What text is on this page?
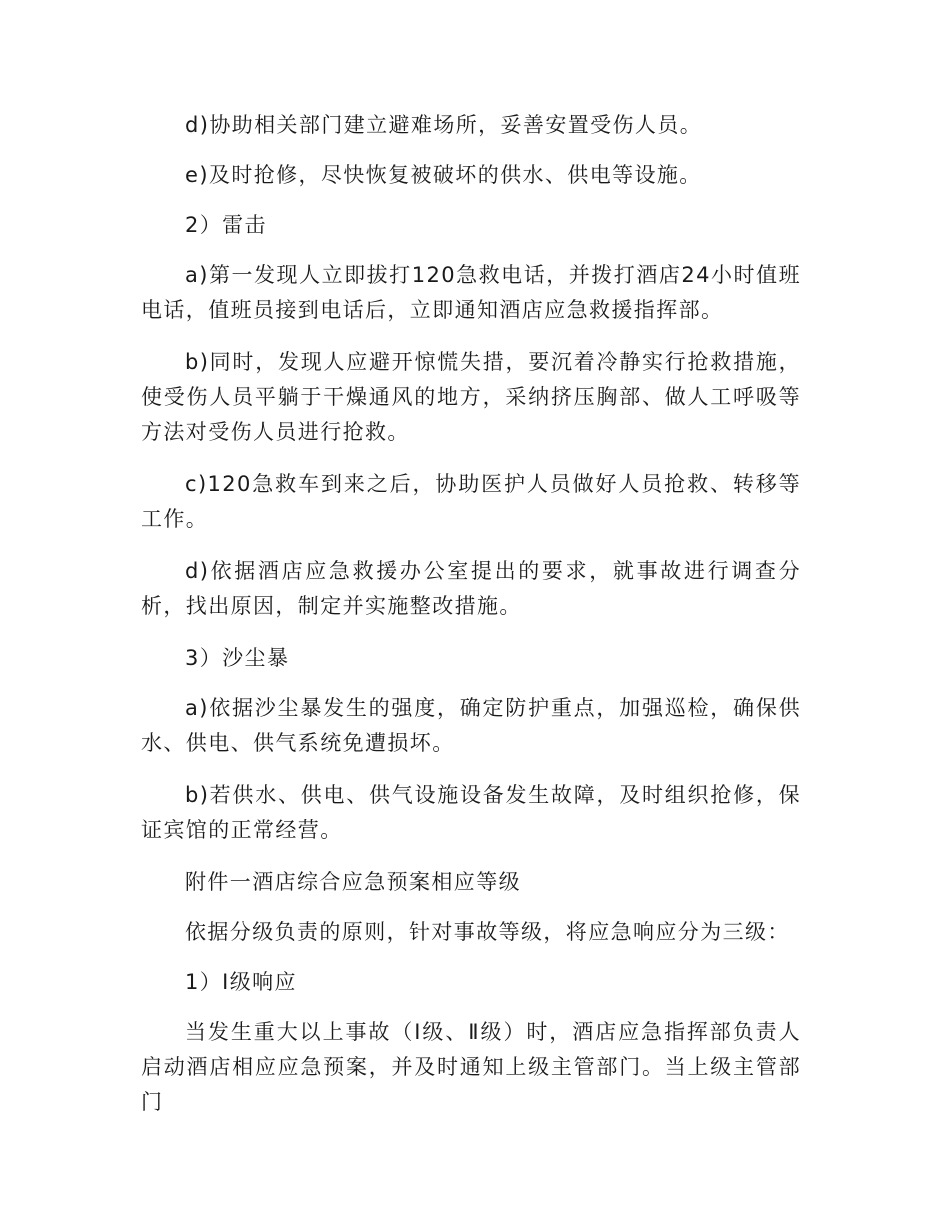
d)协助相关部门建立避难场所，妥善安置受伤人员。

e)及时抢修，尽快恢复被破坏的供水、供电等设施。

2）雷击

a)第一发现人立即拔打120急救电话，并拨打酒店24小时值班电话，值班员接到电话后，立即通知酒店应急救援指挥部。

b)同时，发现人应避开惊慌失措，要沉着冷静实行抢救措施，使受伤人员平躺于干燥通风的地方，采纳挤压胸部、做人工呼吸等方法对受伤人员进行抢救。

c)120急救车到来之后，协助医护人员做好人员抢救、转移等工作。

d)依据酒店应急救援办公室提出的要求，就事故进行调查分析，找出原因，制定并实施整改措施。

3）沙尘暴

a)依据沙尘暴发生的强度，确定防护重点，加强巡检，确保供水、供电、供气系统免遭损坏。

b)若供水、供电、供气设施设备发生故障，及时组织抢修，保证宾馆的正常经营。

附件一酒店综合应急预案相应等级

依据分级负责的原则，针对事故等级，将应急响应分为三级：

1）Ⅰ级响应

当发生重大以上事故（Ⅰ级、Ⅱ级）时，酒店应急指挥部负责人启动酒店相应应急预案，并及时通知上级主管部门。当上级主管部门
